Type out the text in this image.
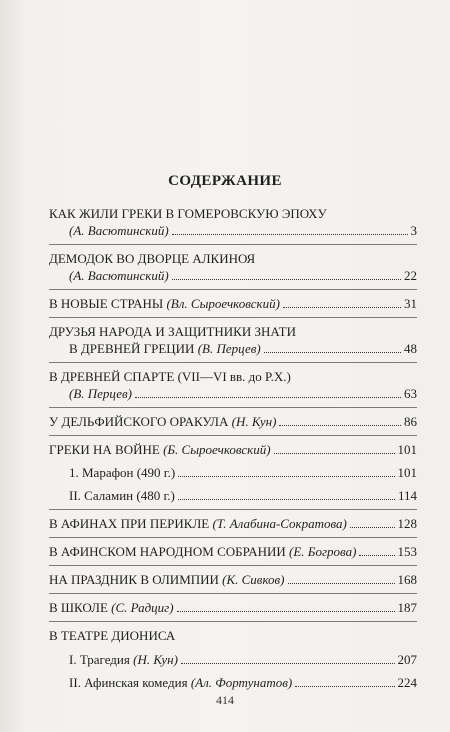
СОДЕРЖАНИЕ
КАК ЖИЛИ ГРЕКИ В ГОМЕРОВСКУЮ ЭПОХУ
(А. Васютинский)	3
ДЕМОДОК ВО ДВОРЦЕ АЛКИНОЯ
(А. Васютинский)	22
В НОВЫЕ СТРАНЫ
(Вл. Сыроечковский)	31
ДРУЗЬЯ НАРОДА И ЗАЩИТНИКИ ЗНАТИ
В ДРЕВНЕЙ ГРЕЦИИ
(В. Перцев)	48
В ДРЕВНЕЙ СПАРТЕ (VII—VI вв. до Р.Х.)
(В. Перцев)	63
У ДЕЛЬФИЙСКОГО ОРАКУЛА
(Н. Кун)	86
ГРЕКИ НА ВОЙНЕ
(Б. Сыроечковский)	101
1. Марафон (490 г.)	101
II. Саламин (480 г.)	114
В АФИНАХ ПРИ ПЕРИКЛЕ
(Т. Алабина-Сократова)	128
В АФИНСКОМ НАРОДНОМ СОБРАНИИ
(Е. Богрова)	153
НА ПРАЗДНИК В ОЛИМПИИ
(К. Сивков)	168
В ШКОЛЕ
(С. Радциг)	187
В ТЕАТРЕ ДИОНИСА
I. Трагедия
(Н. Кун)	207
II. Афинская комедия
(Ал. Фортунатов)	224
414
